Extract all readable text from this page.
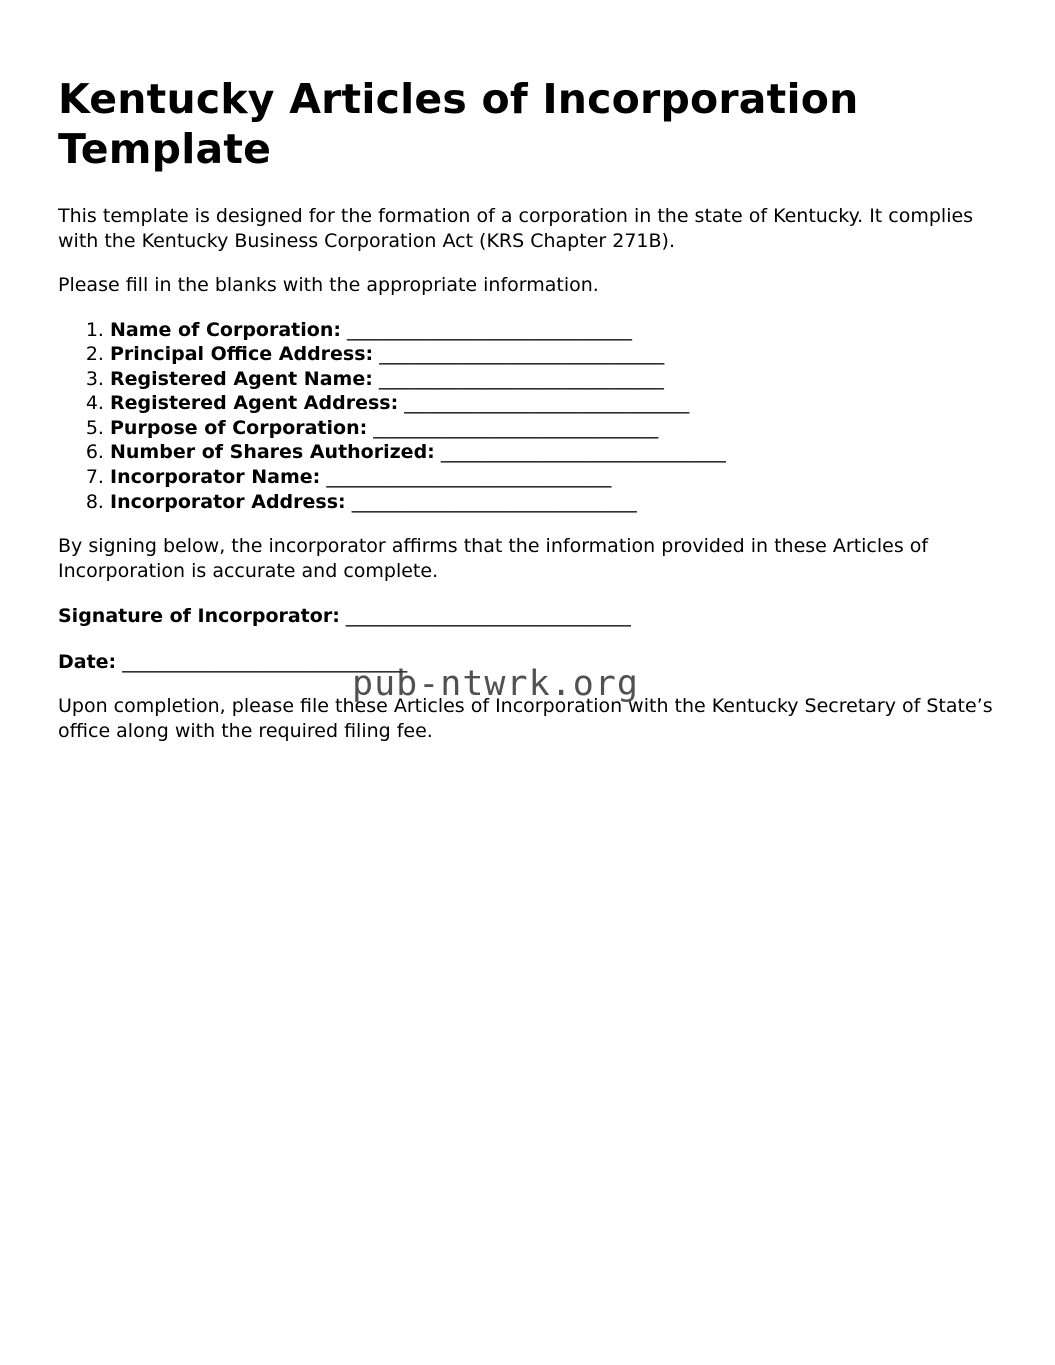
Kentucky Articles of Incorporation Template

This template is designed for the formation of a corporation in the state of Kentucky. It complies with the Kentucky Business Corporation Act (KRS Chapter 271B).

Please fill in the blanks with the appropriate information.

1. Name of Corporation: ______________________________
2. Principal Office Address: ______________________________
3. Registered Agent Name: ______________________________
4. Registered Agent Address: ______________________________
5. Purpose of Corporation: ______________________________
6. Number of Shares Authorized: ______________________________
7. Incorporator Name: ______________________________
8. Incorporator Address: ______________________________

By signing below, the incorporator affirms that the information provided in these Articles of Incorporation is accurate and complete.

Signature of Incorporator: ______________________________

Date: ______________________________

Upon completion, please file these Articles of Incorporation with the Kentucky Secretary of State’s office along with the required filing fee.

pub-ntwrk.org
